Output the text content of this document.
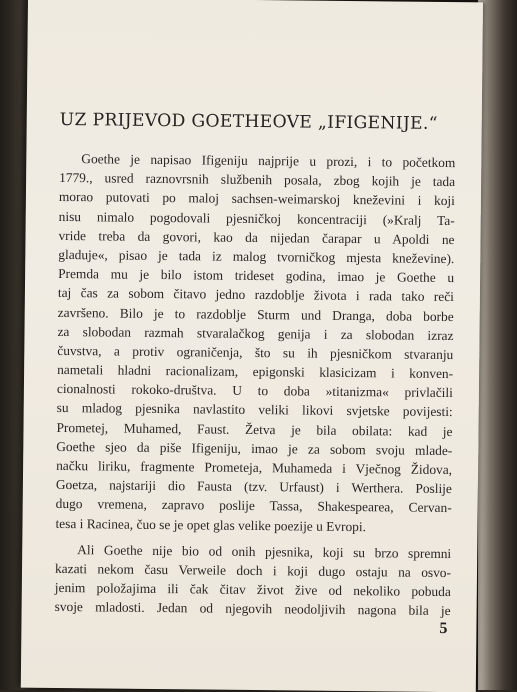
UZ PRIJEVOD GOETHEOVE „IFIGENIJE.“
Goethe je napisao Ifigeniju najprije u prozi, i to početkom
1779., usred raznovrsnih službenih posala, zbog kojih je tada
morao putovati po maloj sachsen-weimarskoj kneževini i koji
nisu nimalo pogodovali pjesničkoj koncentraciji (»Kralj Ta-
vride treba da govori, kao da nijedan čarapar u Apoldi ne
gladuje«, pisao je tada iz malog tvorničkog mjesta kneževine).
Premda mu je bilo istom trideset godina, imao je Goethe u
taj čas za sobom čitavo jedno razdoblje života i rada tako reči
završeno. Bilo je to razdoblje Sturm und Dranga, doba borbe
za slobodan razmah stvaralačkog genija i za slobodan izraz
čuvstva, a protiv ograničenja, što su ih pjesničkom stvaranju
nametali hladni racionalizam, epigonski klasicizam i konven-
cionalnosti rokoko-društva. U to doba »titanizma« privlačili
su mladog pjesnika navlastito veliki likovi svjetske povijesti:
Prometej, Muhamed, Faust. Žetva je bila obilata: kad je
Goethe sjeo da piše Ifigeniju, imao je za sobom svoju mlade-
načku liriku, fragmente Prometeja, Muhameda i Vječnog Židova,
Goetza, najstariji dio Fausta (tzv. Urfaust) i Werthera. Poslije
dugo vremena, zapravo poslije Tassa, Shakespearea, Cervan-
tesa i Racinea, čuo se je opet glas velike poezije u Evropi.
Ali Goethe nije bio od onih pjesnika, koji su brzo spremni
kazati nekom času Verweile doch i koji dugo ostaju na osvo-
jenim položajima ili čak čitav život žive od nekoliko pobuda
svoje mladosti. Jedan od njegovih neodoljivih nagona bila je
5
